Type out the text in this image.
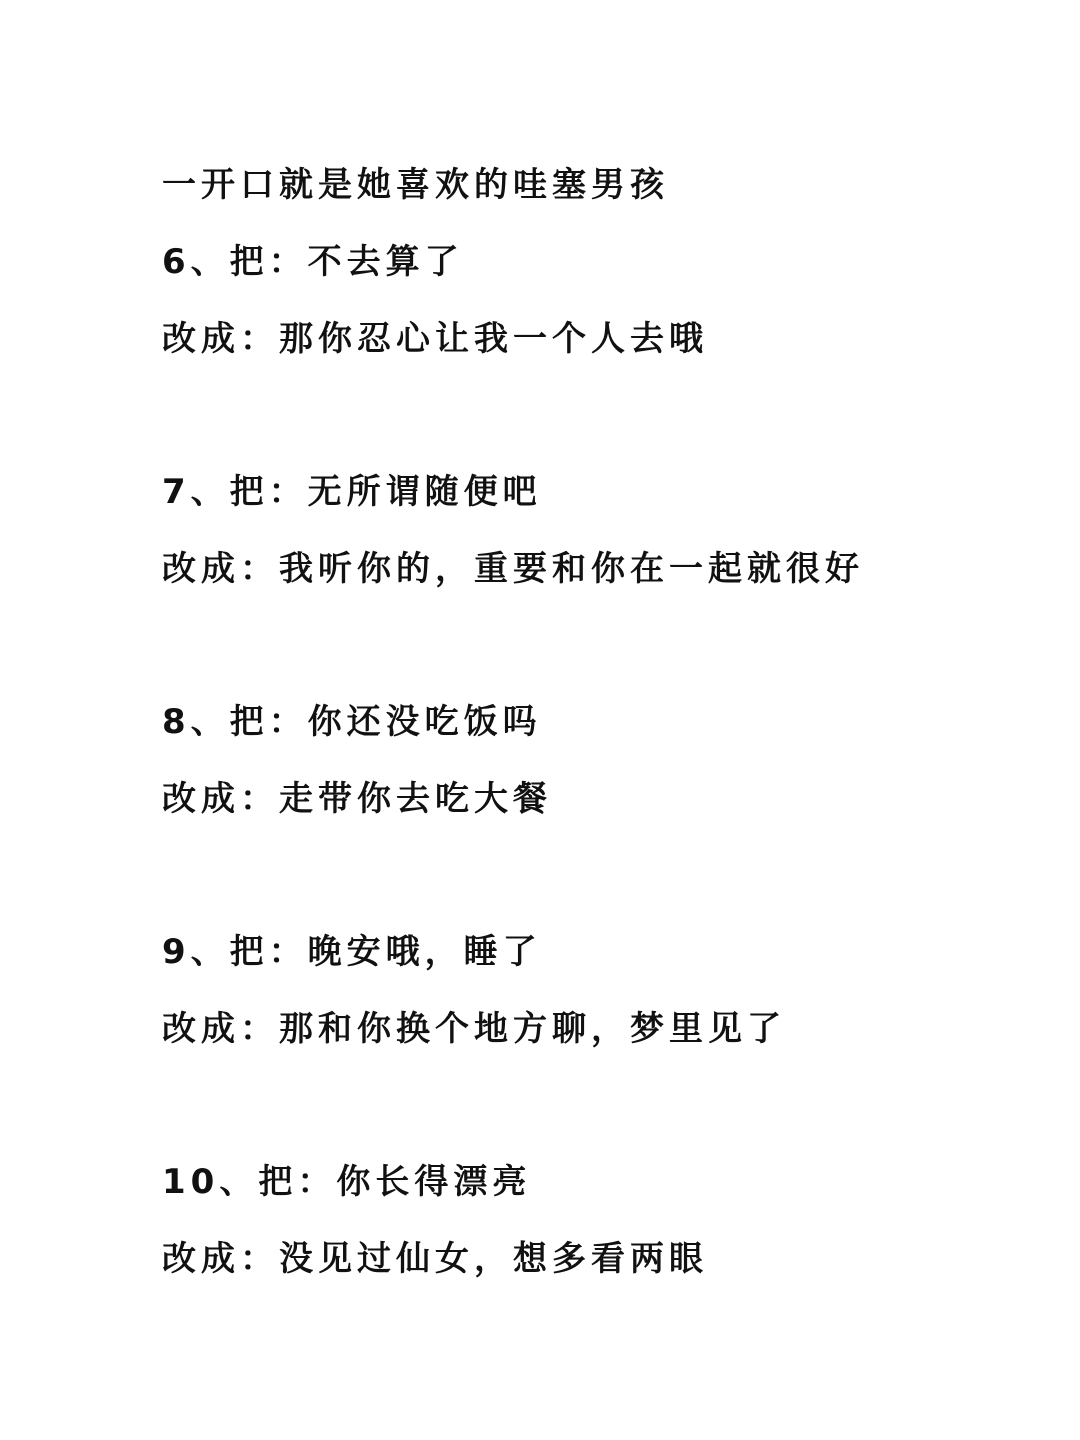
一开口就是她喜欢的哇塞男孩

6、把：不去算了

改成：那你忍心让我一个人去哦

7、把：无所谓随便吧

改成：我听你的，重要和你在一起就很好

8、把：你还没吃饭吗

改成：走带你去吃大餐

9、把：晚安哦，睡了

改成：那和你换个地方聊，梦里见了

10、把：你长得漂亮

改成：没见过仙女，想多看两眼
